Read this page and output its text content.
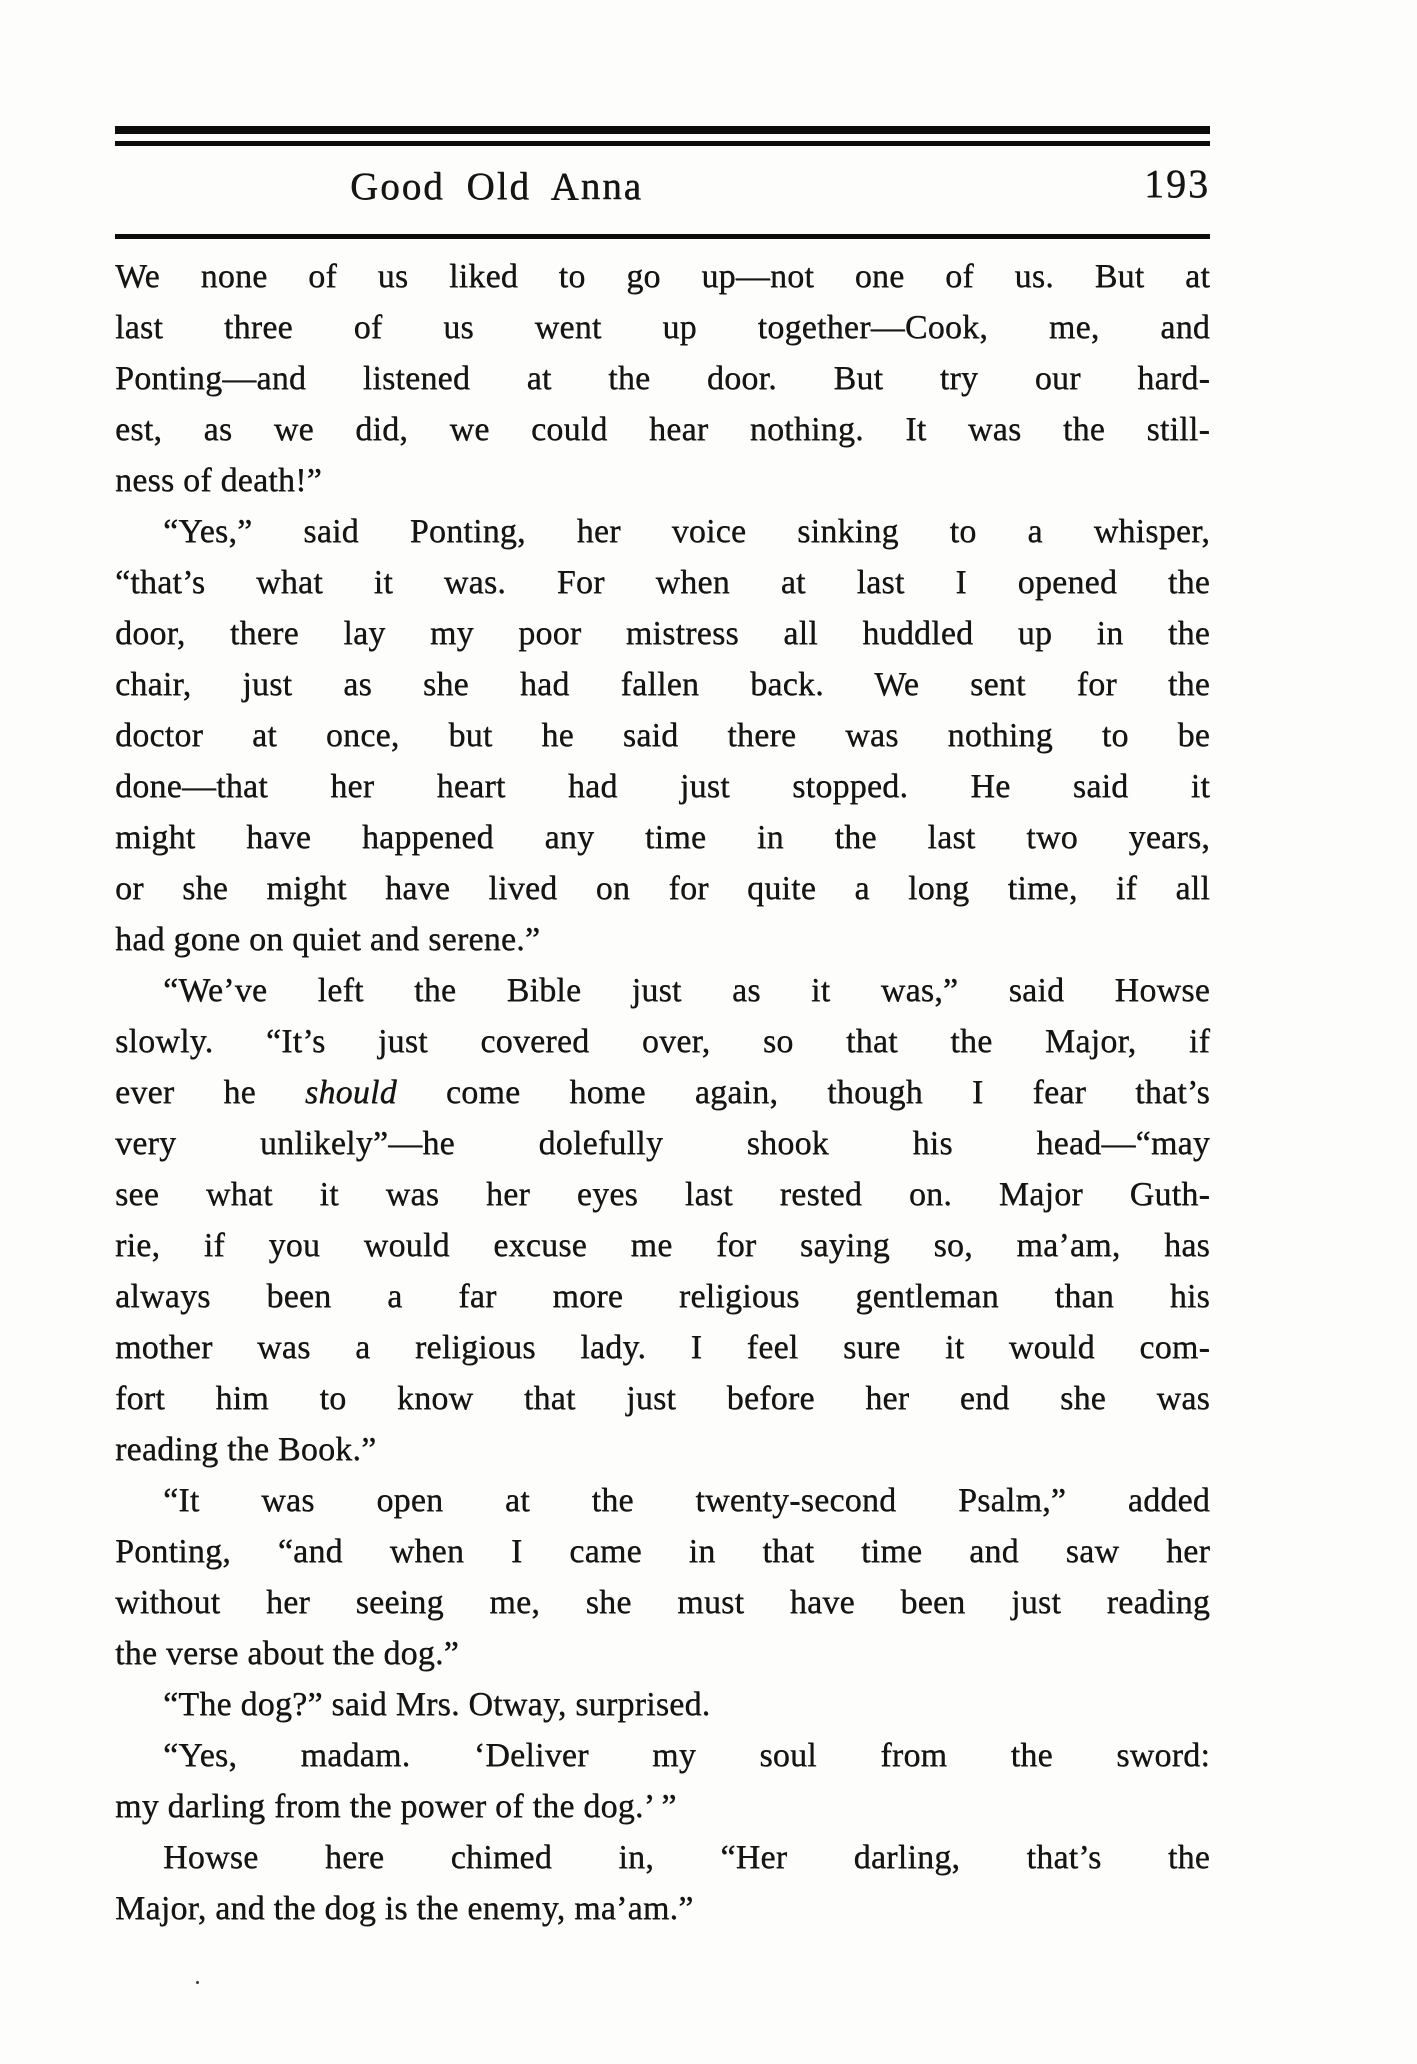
Good Old Anna	193
We none of us liked to go up—not one of us. But at
last three of us went up together—Cook, me, and
Ponting—and listened at the door. But try our hard-
est, as we did, we could hear nothing. It was the still-
ness of death!”
“Yes,” said Ponting, her voice sinking to a whisper,
“that’s what it was. For when at last I opened the
door, there lay my poor mistress all huddled up in the
chair, just as she had fallen back. We sent for the
doctor at once, but he said there was nothing to be
done—that her heart had just stopped. He said it
might have happened any time in the last two years,
or she might have lived on for quite a long time, if all
had gone on quiet and serene.”
“We’ve left the Bible just as it was,” said Howse
slowly. “It’s just covered over, so that the Major, if
ever he should come home again, though I fear that’s
very unlikely”—he dolefully shook his head—“may
see what it was her eyes last rested on. Major Guth-
rie, if you would excuse me for saying so, ma’am, has
always been a far more religious gentleman than his
mother was a religious lady. I feel sure it would com-
fort him to know that just before her end she was
reading the Book.”
“It was open at the twenty-second Psalm,” added
Ponting, “and when I came in that time and saw her
without her seeing me, she must have been just reading
the verse about the dog.”
“The dog?” said Mrs. Otway, surprised.
“Yes, madam. ‘Deliver my soul from the sword:
my darling from the power of the dog.’ ”
Howse here chimed in, “Her darling, that’s the
Major, and the dog is the enemy, ma’am.”
